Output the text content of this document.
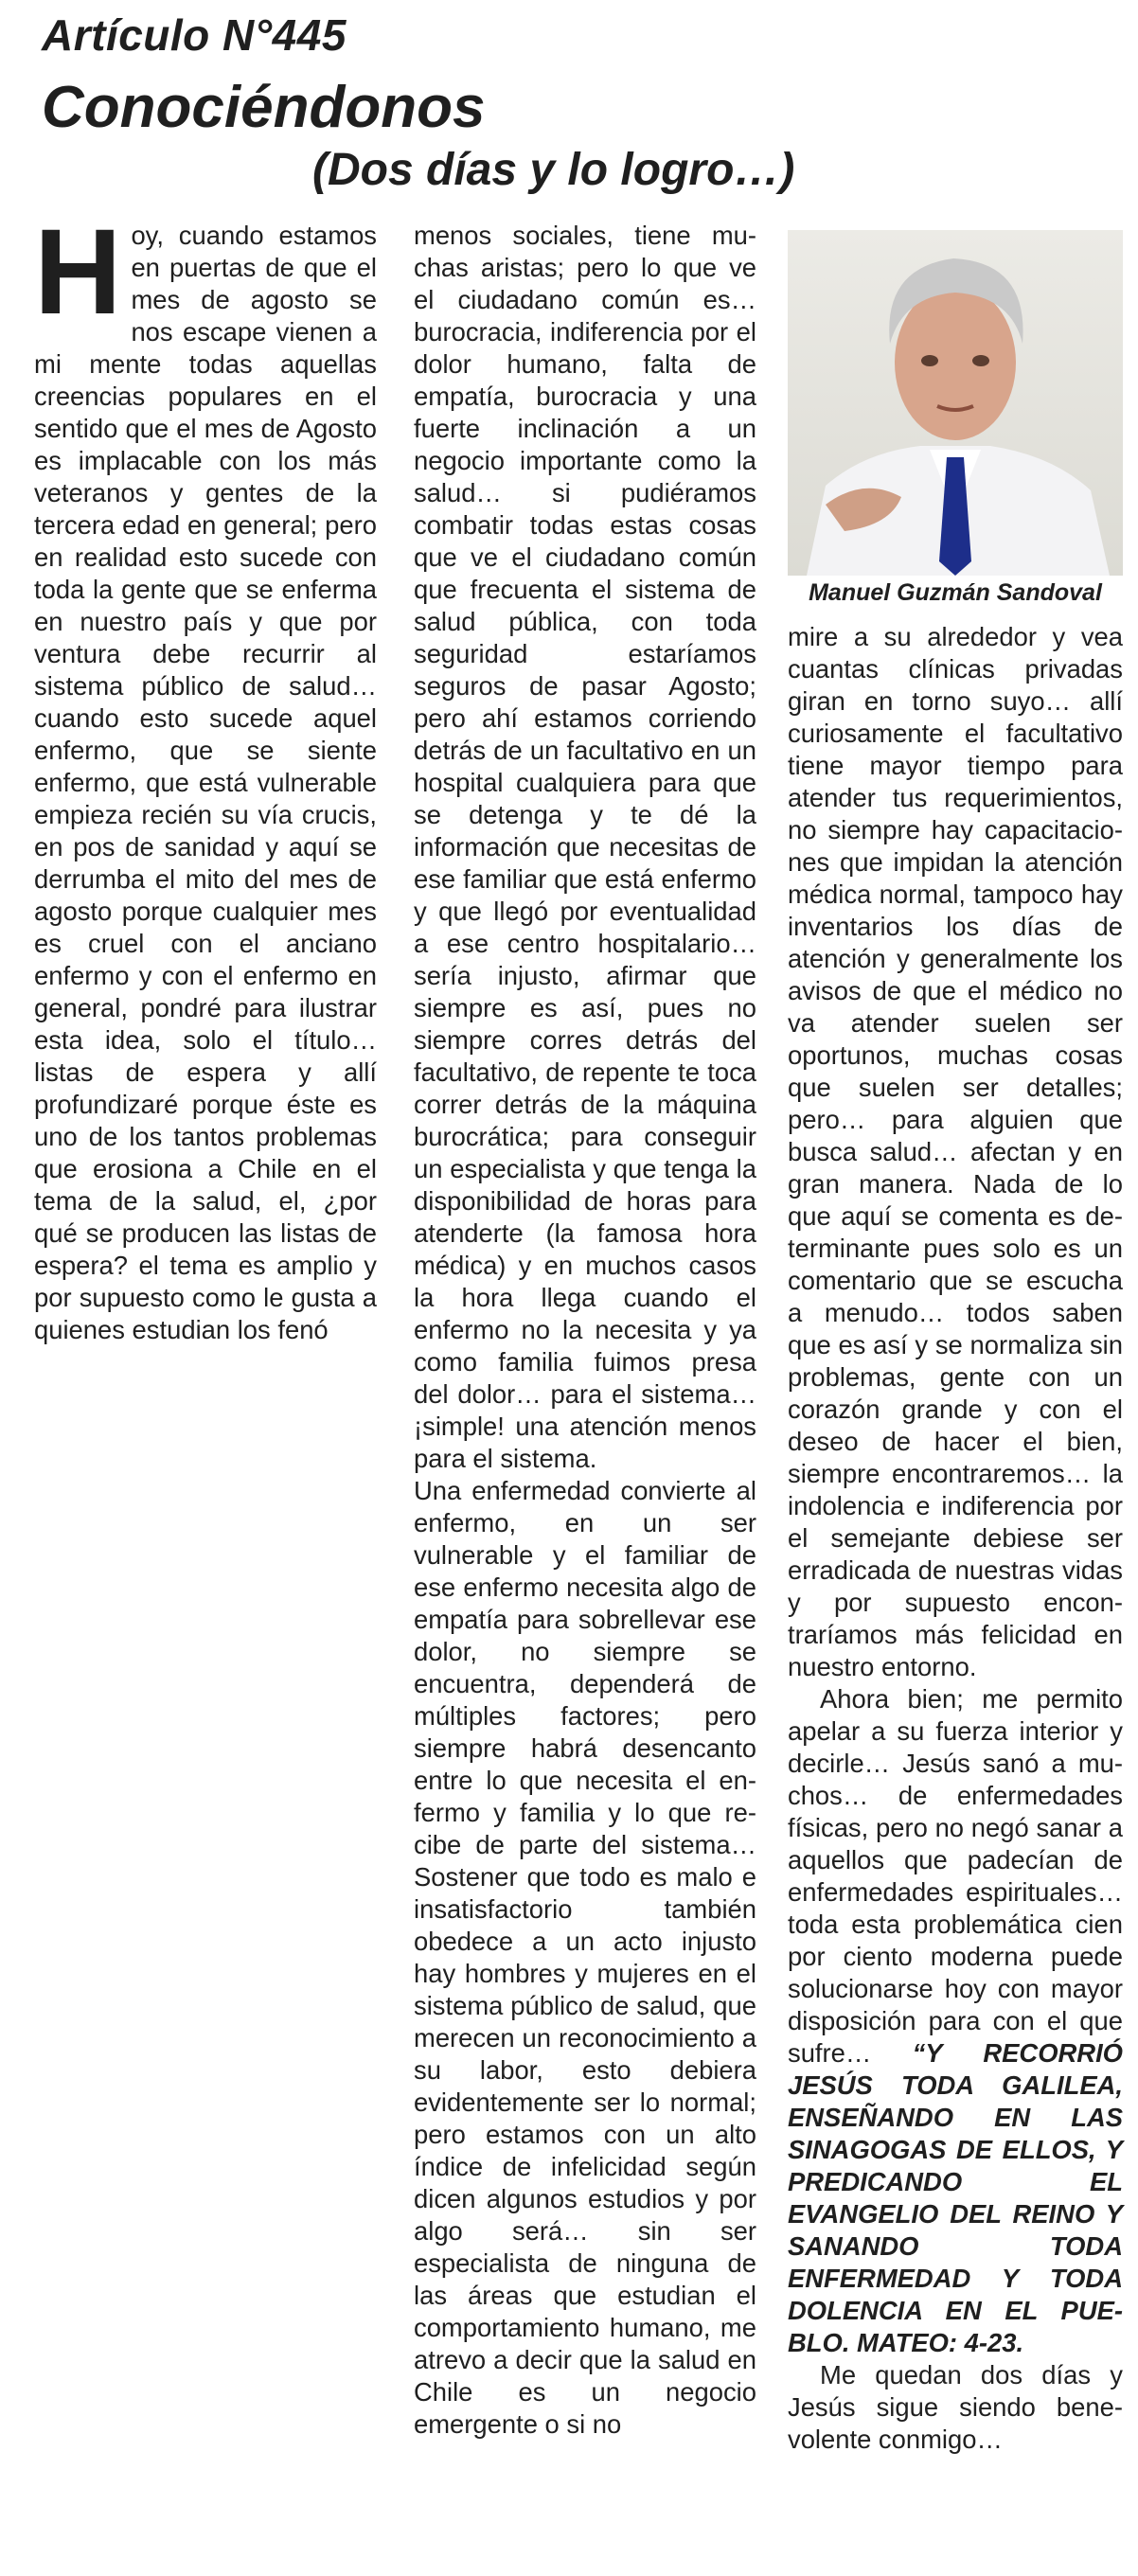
Artículo N°445
Conociéndonos
(Dos días y lo logro…)

Hoy, cuando estamos en puertas de que el mes de agosto se nos escape vienen a mi mente todas aquellas creencias populares en el sentido que el mes de Agosto es implacable con los más veteranos y gentes de la tercera edad en general; pero en realidad esto sucede con toda la gente que se enferma en nuestro país y que por ventura debe recurrir al sistema público de salud… cuando esto sucede aquel enfermo, que se siente enfermo, que está vulnerable empieza recién su vía crucis, en pos de sanidad y aquí se derrumba el mito del mes de agosto porque cualquier mes es cruel con el anciano enfermo y con el enfermo en general, pondré para ilustrar esta idea, solo el título… listas de espera y allí profundizaré porque éste es uno de los tantos problemas que erosiona a Chile en el tema de la salud, el, ¿por qué se producen las listas de espera? el tema es amplio y por supuesto como le gusta a quienes estudian los fenó

menos sociales, tiene muchas aristas; pero lo que ve el ciudadano común es… burocracia, indiferencia por el dolor humano, falta de empatía, burocracia y una fuerte inclinación a un negocio importante como la salud… si pudiéramos combatir todas estas cosas que ve el ciudadano común que frecuenta el sistema de salud pública, con toda seguridad estaríamos seguros de pasar Agosto; pero ahí estamos corriendo detrás de un facultativo en un hospital cualquiera para que se detenga y te dé la información que necesitas de ese familiar que está enfermo y que llegó por eventualidad a ese centro hospitalario… sería injusto, afirmar que siempre es así, pues no siempre corres detrás del facultativo, de repente te toca correr detrás de la máquina burocrática; para conseguir un especialista y que tenga la disponibilidad de horas para atenderte (la famosa hora médica) y en muchos casos la hora llega cuando el enfermo no la necesita y ya como familia fuimos presa del dolor… para el sistema…¡simple! una atención menos para el sistema.

Una enfermedad convierte al enfermo, en un ser vulnerable y el familiar de ese enfermo necesita algo de empatía para sobrellevar ese dolor, no siempre se encuentra, dependerá de múltiples factores; pero siempre habrá desencanto entre lo que necesita el enfermo y familia y lo que recibe de parte del sistema… Sostener que todo es malo e insatisfactorio también obedece a un acto injusto hay hombres y mujeres en el sistema público de salud, que merecen un reconocimiento a su labor, esto debiera evidentemente ser lo normal; pero estamos con un alto índice de infelicidad según dicen algunos estudios y por algo será… sin ser especialista de ninguna de las áreas que estudian el comportamiento humano, me atrevo a decir que la salud en Chile es un negocio emergente o si no

Manuel Guzmán Sandoval

mire a su alrededor y vea cuantas clínicas privadas giran en torno suyo… allí curiosamente el facultativo tiene mayor tiempo para atender tus requerimientos, no siempre hay capacitaciones que impidan la atención médica normal, tampoco hay inventarios los días de atención y generalmente los avisos de que el médico no va atender suelen ser oportunos, muchas cosas que suelen ser detalles; pero… para alguien que busca salud… afectan y en gran manera. Nada de lo que aquí se comenta es determinante pues solo es un comentario que se escucha a menudo… todos saben que es así y se normaliza sin problemas, gente con un corazón grande y con el deseo de hacer el bien, siempre encontraremos… la indolencia e indiferencia por el semejante debiese ser erradicada de nuestras vidas y por supuesto encontraríamos más felicidad en nuestro entorno.

Ahora bien; me permito apelar a su fuerza interior y decirle… Jesús sanó a muchos… de enfermedades físicas, pero no negó sanar a aquellos que padecían de enfermedades espirituales… toda esta problemática cien por ciento moderna puede solucionarse hoy con mayor disposición para con el que sufre… “Y RECORRIÓ JESÚS TODA GALILEA, ENSEÑANDO EN LAS SINAGOGAS DE ELLOS, Y PREDICANDO EL EVANGELIO DEL REINO Y SANANDO TODA ENFERMEDAD Y TODA DOLENCIA EN EL PUEBLO. MATEO: 4-23.

Me quedan dos días y Jesús sigue siendo benevolente conmigo…
